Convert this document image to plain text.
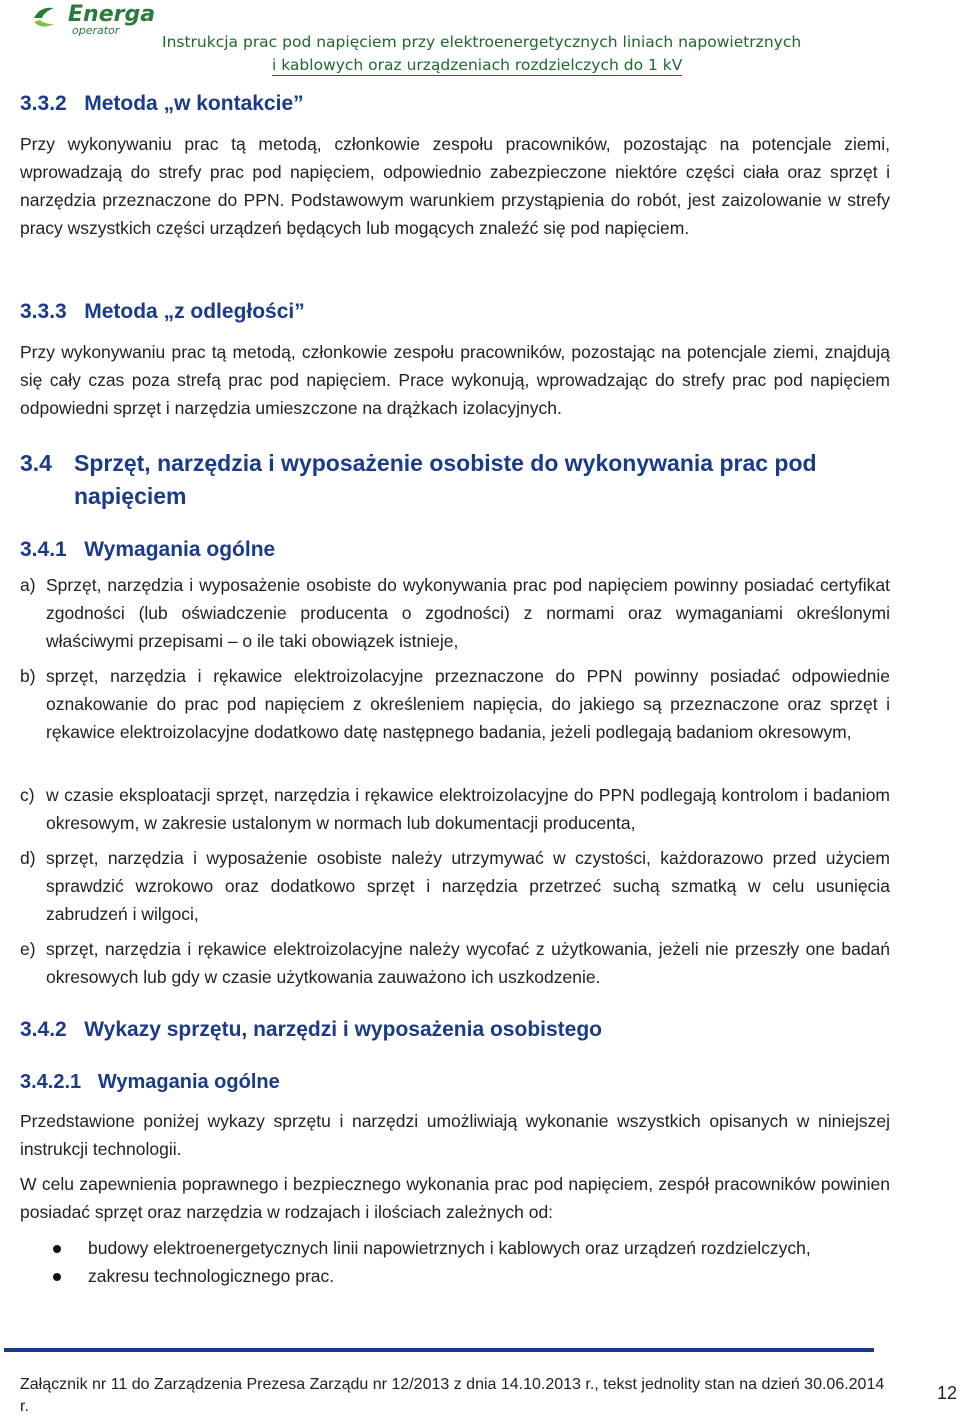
Energa
operator
Instrukcja prac pod napięciem przy elektroenergetycznych liniach napowietrznych
i kablowych oraz urządzeniach rozdzielczych do 1 kV
3.3.2 Metoda „w kontakcie”
Przy wykonywaniu prac tą metodą, członkowie zespołu pracowników, pozostając na potencjale ziemi, wprowadzają do strefy prac pod napięciem, odpowiednio zabezpieczone niektóre części ciała oraz sprzęt i narzędzia przeznaczone do PPN. Podstawowym warunkiem przystąpienia do robót, jest zaizolowanie w strefy pracy wszystkich części urządzeń będących lub mogących znaleźć się pod napięciem.
3.3.3 Metoda „z odległości”
Przy wykonywaniu prac tą metodą, członkowie zespołu pracowników, pozostając na potencjale ziemi, znajdują się cały czas poza strefą prac pod napięciem. Prace wykonują, wprowadzając do strefy prac pod napięciem odpowiedni sprzęt i narzędzia umieszczone na drążkach izolacyjnych.
3.4 Sprzęt, narzędzia i wyposażenie osobiste do wykonywania prac pod
napięciem
3.4.1 Wymagania ogólne
a) Sprzęt, narzędzia i wyposażenie osobiste do wykonywania prac pod napięciem powinny posiadać certyfikat zgodności (lub oświadczenie producenta o zgodności) z normami oraz wymaganiami określonymi właściwymi przepisami – o ile taki obowiązek istnieje,
b) sprzęt, narzędzia i rękawice elektroizolacyjne przeznaczone do PPN powinny posiadać odpowiednie oznakowanie do prac pod napięciem z określeniem napięcia, do jakiego są przeznaczone oraz sprzęt i rękawice elektroizolacyjne dodatkowo datę następnego badania, jeżeli podlegają badaniom okresowym,
c) w czasie eksploatacji sprzęt, narzędzia i rękawice elektroizolacyjne do PPN podlegają kontrolom i badaniom okresowym, w zakresie ustalonym w normach lub dokumentacji producenta,
d) sprzęt, narzędzia i wyposażenie osobiste należy utrzymywać w czystości, każdorazowo przed użyciem sprawdzić wzrokowo oraz dodatkowo sprzęt i narzędzia przetrzeć suchą szmatką w celu usunięcia zabrudzeń i wilgoci,
e) sprzęt, narzędzia i rękawice elektroizolacyjne należy wycofać z użytkowania, jeżeli nie przeszły one badań okresowych lub gdy w czasie użytkowania zauważono ich uszkodzenie.
3.4.2 Wykazy sprzętu, narzędzi i wyposażenia osobistego
3.4.2.1 Wymagania ogólne
Przedstawione poniżej wykazy sprzętu i narzędzi umożliwiają wykonanie wszystkich opisanych w niniejszej instrukcji technologii.
W celu zapewnienia poprawnego i bezpiecznego wykonania prac pod napięciem, zespół pracowników powinien posiadać sprzęt oraz narzędzia w rodzajach i ilościach zależnych od:
budowy elektroenergetycznych linii napowietrznych i kablowych oraz urządzeń rozdzielczych,
zakresu technologicznego prac.
Załącznik nr 11 do Zarządzenia Prezesa Zarządu nr 12/2013 z dnia 14.10.2013 r., tekst jednolity stan na dzień 30.06.2014 r.
12
